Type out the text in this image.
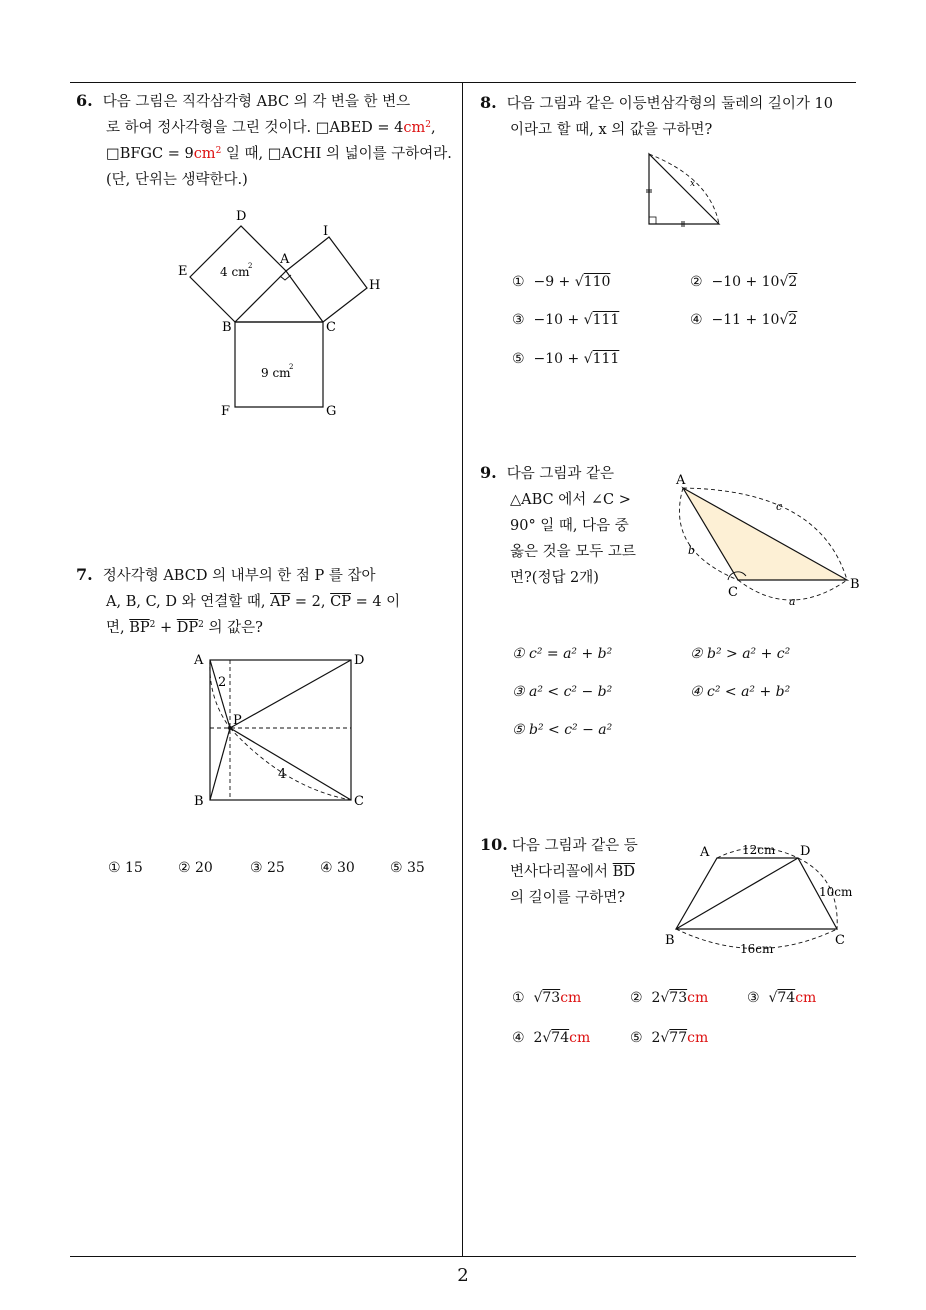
6. 다음 그림은 직각삼각형 ABC 의 각 변을 한 변으
로 하여 정사각형을 그린 것이다. □ABED = $4cm^2$,
□BFGC = $9cm^2$ 일 때, □ACHI 의 넓이를 구하여라.
(단, 단위는 생략한다.)
D
I
E
A
H
B	C
F	G
4 cm
2
9 cm
2
7. 정사각형 ABCD 의 내부의 한 점 P 를 잡아
A, B, C, D 와 연결할 때, $\overline{AP} = 2$, $\overline{CP} = 4$ 이
면, $\overline{BP}^2 + \overline{DP}^2$ 의 값은?
A	D
B	C
P
2
4
① 15	② 20	③ 25	④ 30	⑤ 35
8. 다음 그림과 같은 이등변삼각형의 둘레의 길이가 10
이라고 할 때, x 의 값을 구하면?
x
① −9 + √110	② −10 + 10√2
③ −10 + √111	④ −11 + 10√2
⑤ −10 + √111
9. 다음 그림과 같은
△ABC 에서 ∠C >
90° 일 때, 다음 중
옳은 것을 모두 고르
면?(정답 2개)
A
B
C
a
b
c
① c² = a² + b²	② b² > a² + c²
③ a² < c² − b²	④ c² < a² + b²
⑤ b² < c² − a²
10. 다음 그림과 같은 등
변사다리꼴에서 $\overline{BD}$
의 길이를 구하면?
A	D
B	C
12cm
10cm
16cm
① √73cm	② 2√73cm	③ √74cm
④ 2√74cm	⑤ 2√77cm
2
